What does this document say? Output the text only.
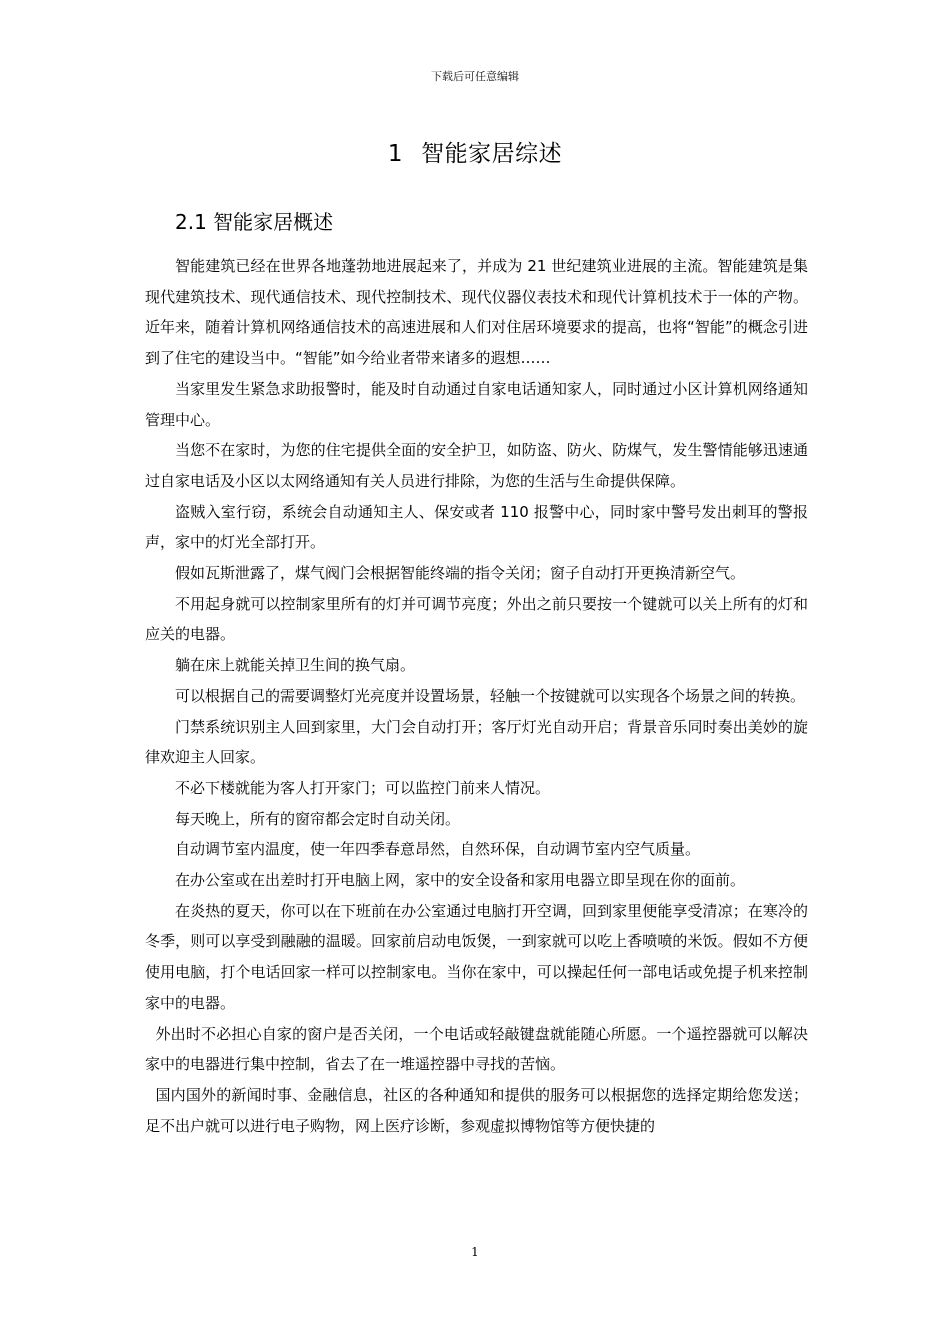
下载后可任意编辑
1 智能家居综述
2.1 智能家居概述

智能建筑已经在世界各地蓬勃地进展起来了，并成为 21 世纪建筑业进展的主流。智能建筑是集现代建筑技术、现代通信技术、现代控制技术、现代仪器仪表技术和现代计算机技术于一体的产物。近年来，随着计算机网络通信技术的高速进展和人们对住居环境要求的提高，也将“智能”的概念引进到了住宅的建设当中。“智能”如今给业者带来诸多的遐想……

当家里发生紧急求助报警时，能及时自动通过自家电话通知家人，同时通过小区计算机网络通知管理中心。

当您不在家时，为您的住宅提供全面的安全护卫，如防盗、防火、防煤气，发生警情能够迅速通过自家电话及小区以太网络通知有关人员进行排除，为您的生活与生命提供保障。

盗贼入室行窃，系统会自动通知主人、保安或者 110 报警中心，同时家中警号发出刺耳的警报声，家中的灯光全部打开。

假如瓦斯泄露了，煤气阀门会根据智能终端的指令关闭；窗子自动打开更换清新空气。

不用起身就可以控制家里所有的灯并可调节亮度；外出之前只要按一个键就可以关上所有的灯和应关的电器。

躺在床上就能关掉卫生间的换气扇。

可以根据自己的需要调整灯光亮度并设置场景，轻触一个按键就可以实现各个场景之间的转换。

门禁系统识别主人回到家里，大门会自动打开；客厅灯光自动开启；背景音乐同时奏出美妙的旋律欢迎主人回家。

不必下楼就能为客人打开家门；可以监控门前来人情况。

每天晚上，所有的窗帘都会定时自动关闭。

自动调节室内温度，使一年四季春意昂然，自然环保，自动调节室内空气质量。

在办公室或在出差时打开电脑上网，家中的安全设备和家用电器立即呈现在你的面前。

在炎热的夏天，你可以在下班前在办公室通过电脑打开空调，回到家里便能享受清凉；在寒冷的冬季，则可以享受到融融的温暖。回家前启动电饭煲，一到家就可以吃上香喷喷的米饭。假如不方便使用电脑，打个电话回家一样可以控制家电。当你在家中，可以操起任何一部电话或免提子机来控制家中的电器。

外出时不必担心自家的窗户是否关闭，一个电话或轻敲键盘就能随心所愿。一个遥控器就可以解决家中的电器进行集中控制，省去了在一堆遥控器中寻找的苦恼。

国内国外的新闻时事、金融信息，社区的各种通知和提供的服务可以根据您的选择定期给您发送；足不出户就可以进行电子购物，网上医疗诊断，参观虚拟博物馆等方便快捷的

1
